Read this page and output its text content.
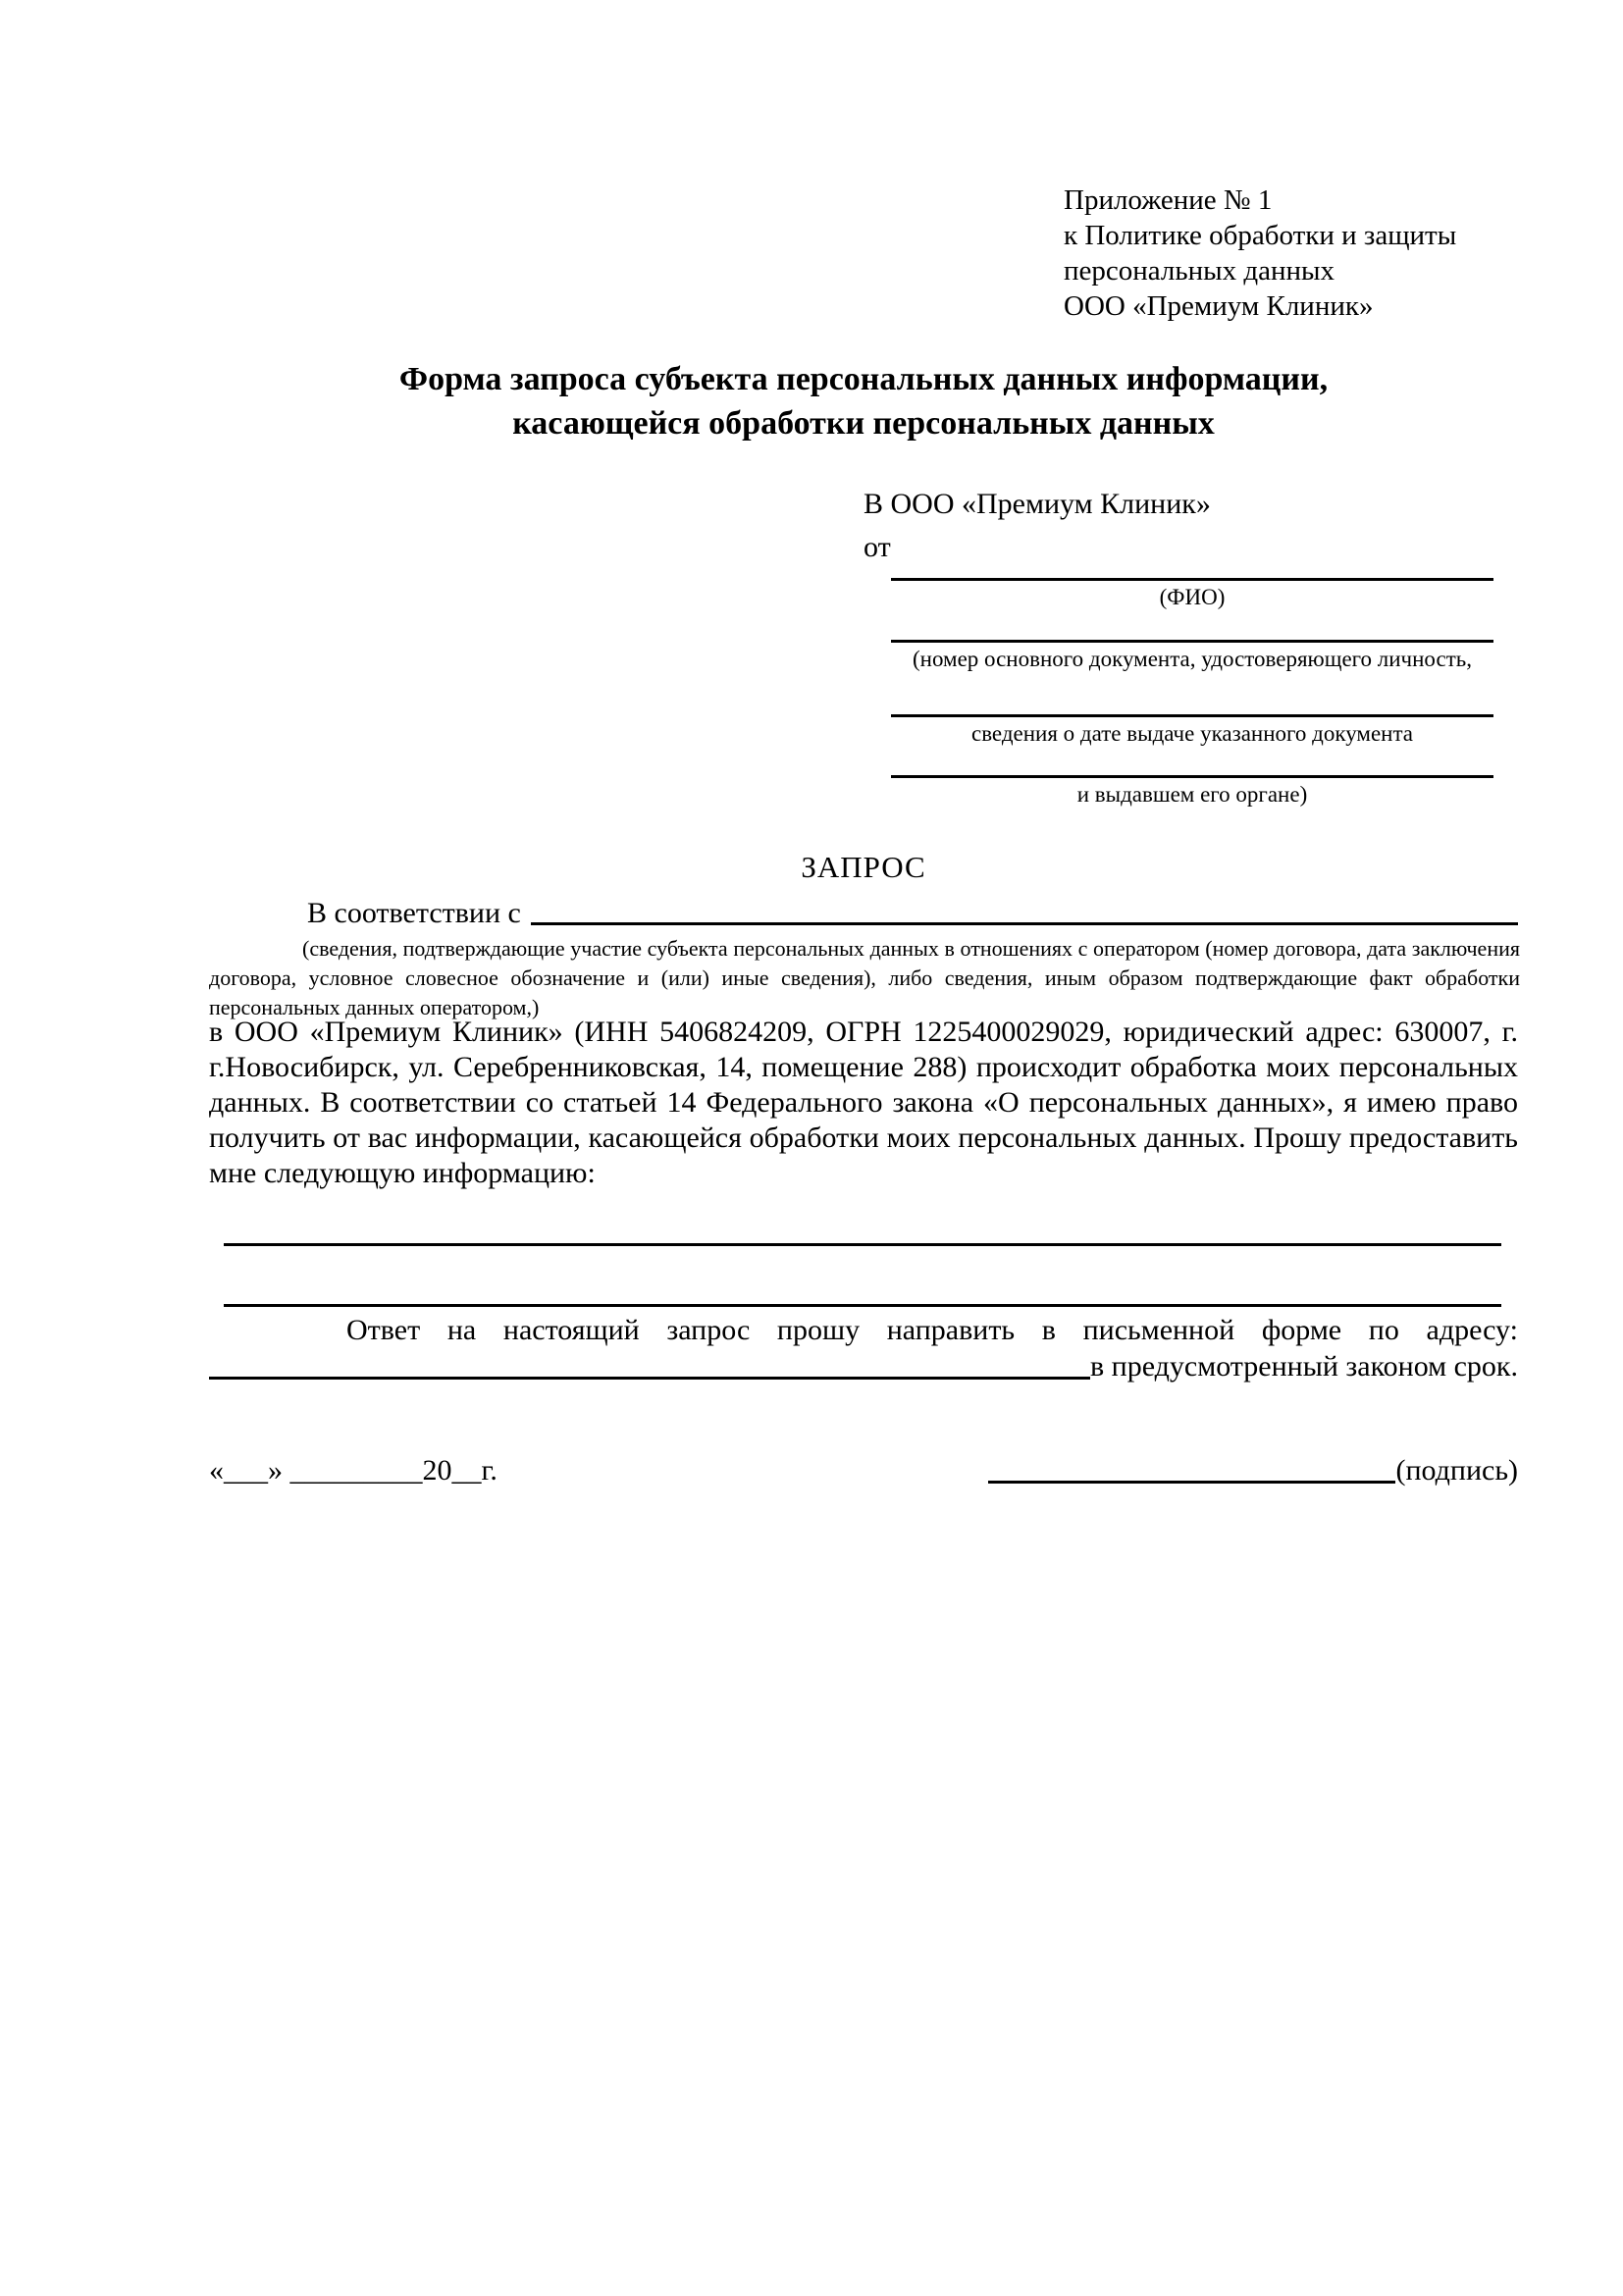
Приложение № 1
к Политике обработки и защиты
персональных данных
ООО «Премиум Клиник»
Форма запроса субъекта персональных данных информации,
касающейся обработки персональных данных
В ООО «Премиум Клиник»
от
(ФИО)
(номер основного документа, удостоверяющего личность,
сведения о дате выдаче указанного документа
и выдавшем его органе)
ЗАПРОС
В соответствии с
(сведения, подтверждающие участие субъекта персональных данных в отношениях с оператором (номер договора, дата заключения договора, условное словесное обозначение и (или) иные сведения), либо сведения, иным образом подтверждающие факт обработки персональных данных оператором,)
в ООО «Премиум Клиник» (ИНН 5406824209, ОГРН 1225400029029, юридический адрес: 630007, г. г.Новосибирск, ул. Серебренниковская, 14, помещение 288) происходит обработка моих персональных данных. В соответствии со статьей 14 Федерального закона «О персональных данных», я имею право получить от вас информации, касающейся обработки моих персональных данных. Прошу предоставить мне следующую информацию:
Ответ на настоящий запрос прошу направить в письменной форме по адресу:
в предусмотренный законом срок.
«___» _________20__г.	(подпись)
